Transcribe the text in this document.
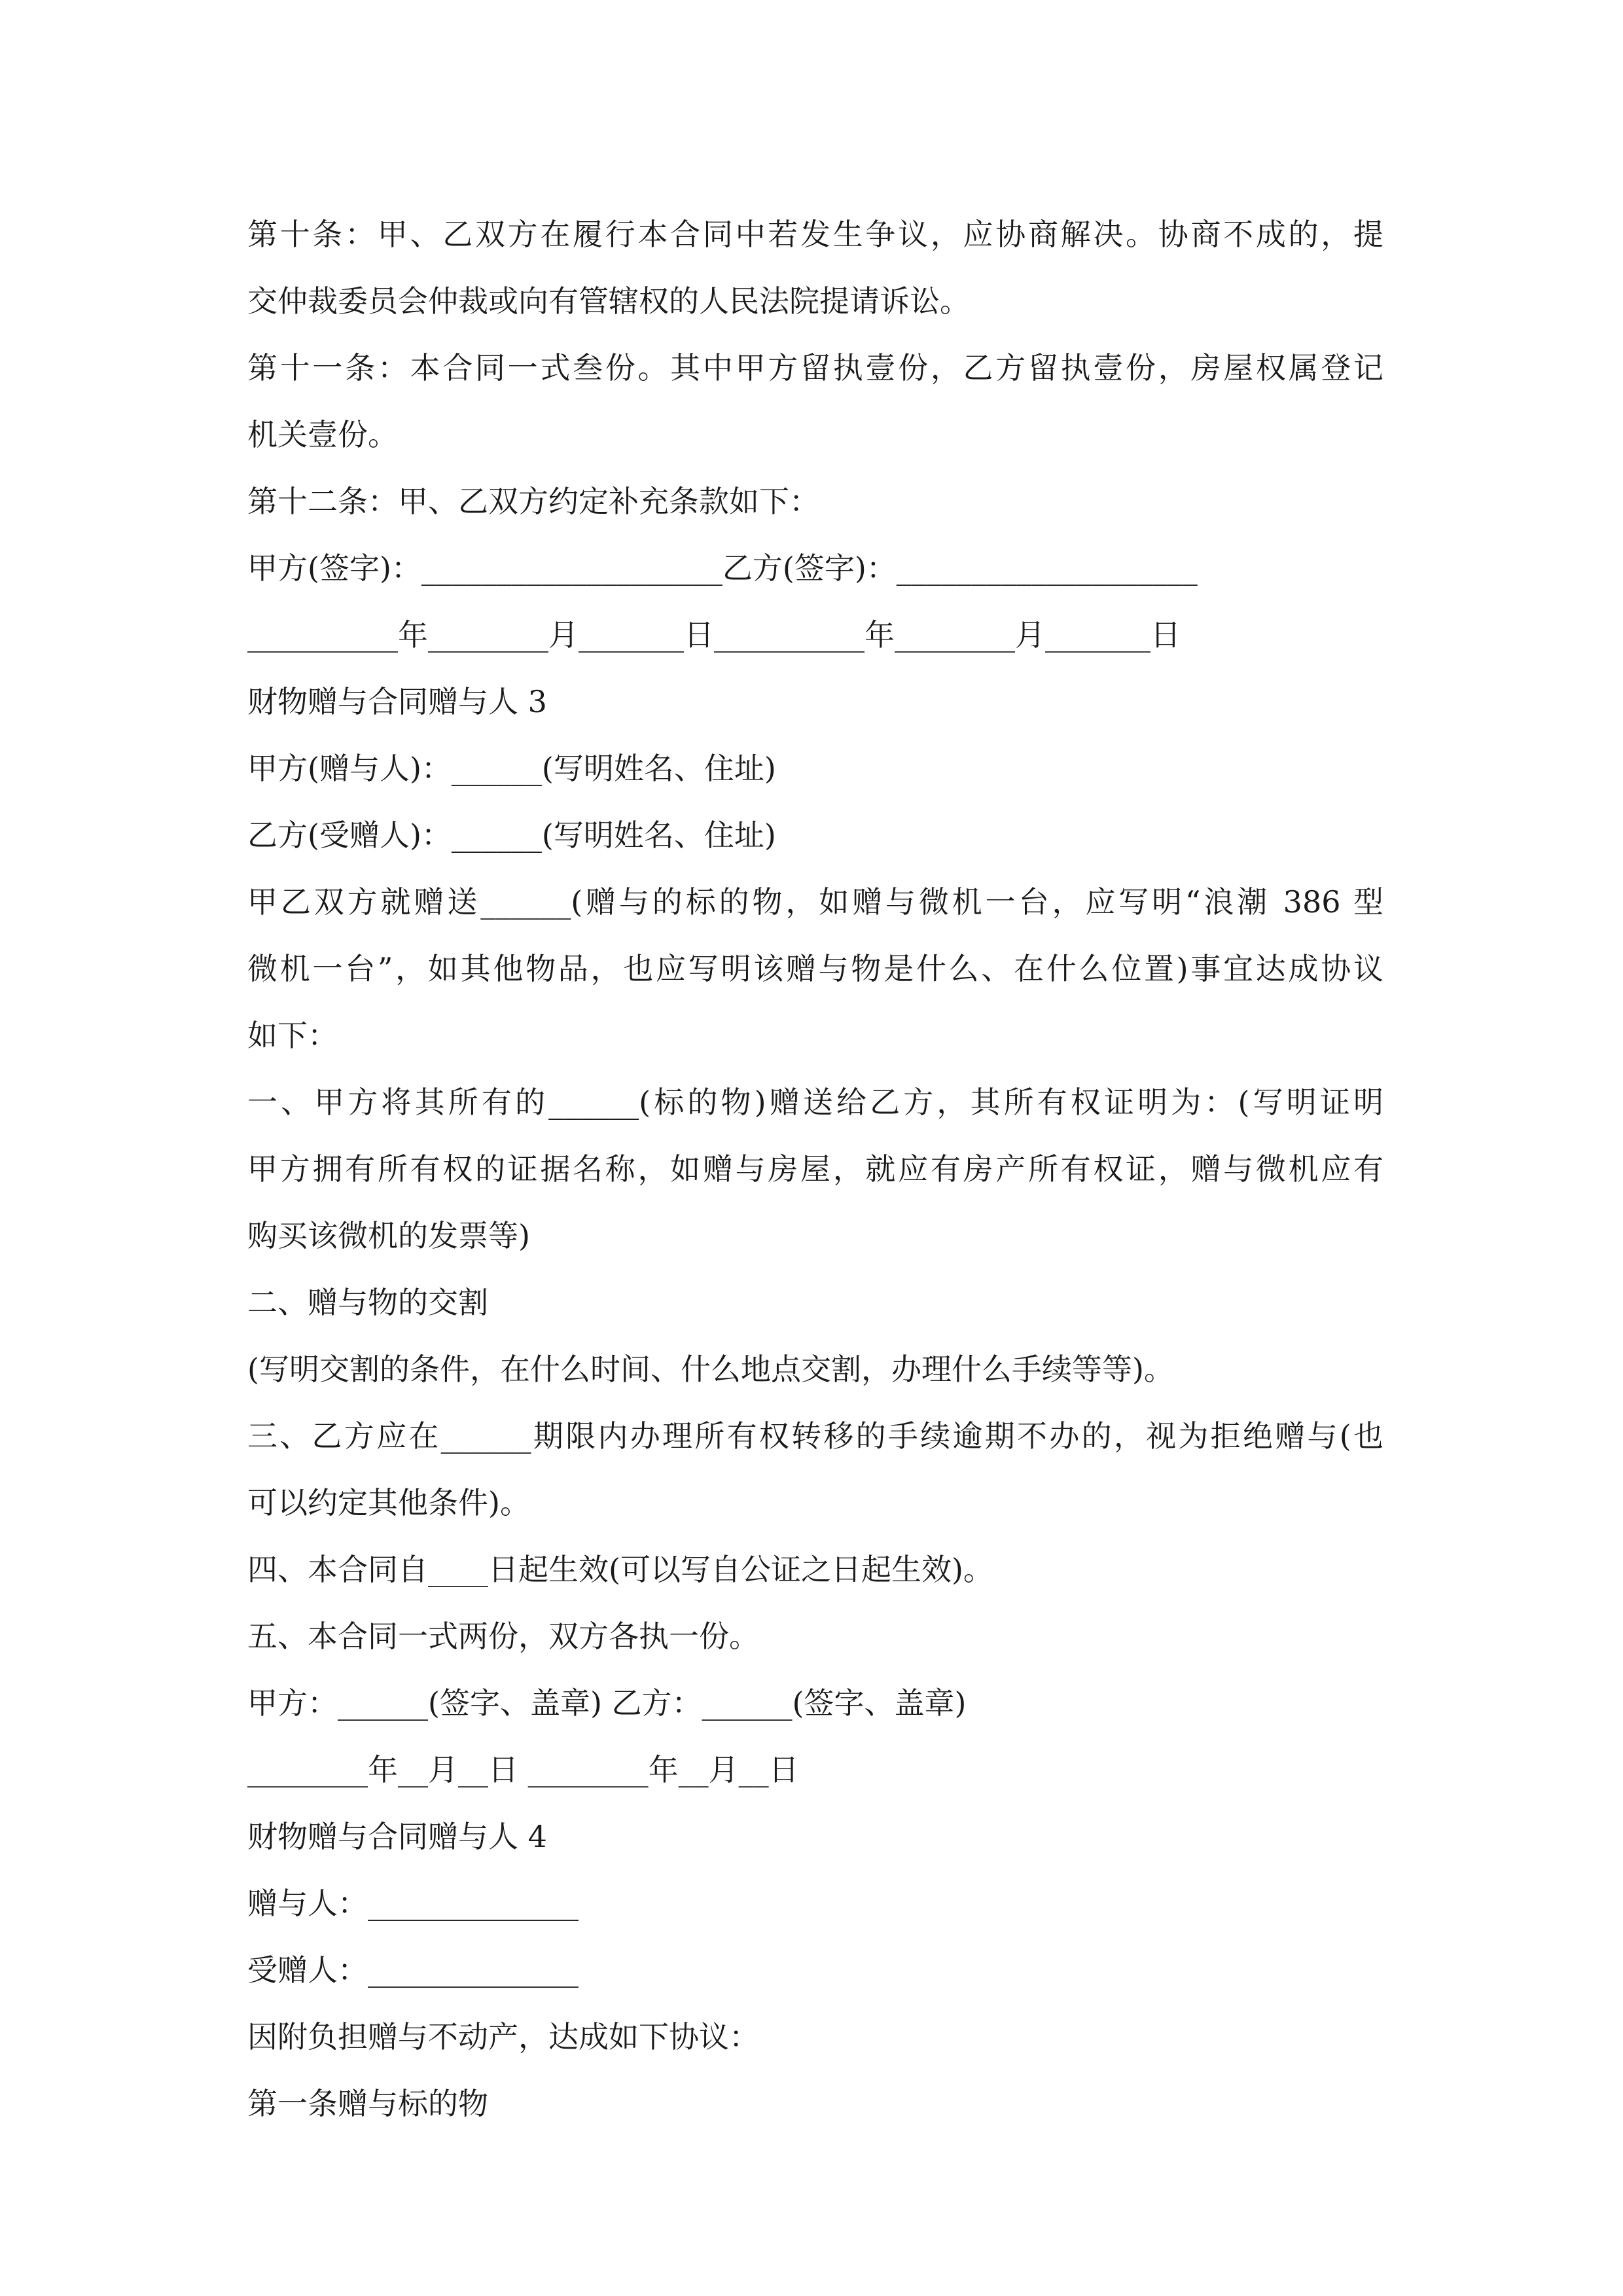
第十条：甲、乙双方在履行本合同中若发生争议，应协商解决。协商不成的，提
交仲裁委员会仲裁或向有管辖权的人民法院提请诉讼。
第十一条：本合同一式叁份。其中甲方留执壹份，乙方留执壹份，房屋权属登记
机关壹份。
第十二条：甲、乙双方约定补充条款如下：
甲方(签字)：____________________乙方(签字)：____________________
__________年________月_______日__________年________月_______日
财物赠与合同赠与人 3
甲方(赠与人)：______(写明姓名、住址)
乙方(受赠人)：______(写明姓名、住址)
甲乙双方就赠送______(赠与的标的物，如赠与微机一台，应写明“浪潮 386 型
微机一台”，如其他物品，也应写明该赠与物是什么、在什么位置)事宜达成协议
如下：
一、甲方将其所有的______(标的物)赠送给乙方，其所有权证明为：(写明证明
甲方拥有所有权的证据名称，如赠与房屋，就应有房产所有权证，赠与微机应有
购买该微机的发票等)
二、赠与物的交割
(写明交割的条件，在什么时间、什么地点交割，办理什么手续等等)。
三、乙方应在______期限内办理所有权转移的手续逾期不办的，视为拒绝赠与(也
可以约定其他条件)。
四、本合同自____日起生效(可以写自公证之日起生效)。
五、本合同一式两份，双方各执一份。
甲方：______(签字、盖章) 乙方：______(签字、盖章)
________年__月__日 ________年__月__日
财物赠与合同赠与人 4
赠与人：______________
受赠人：______________
因附负担赠与不动产，达成如下协议：
第一条赠与标的物
